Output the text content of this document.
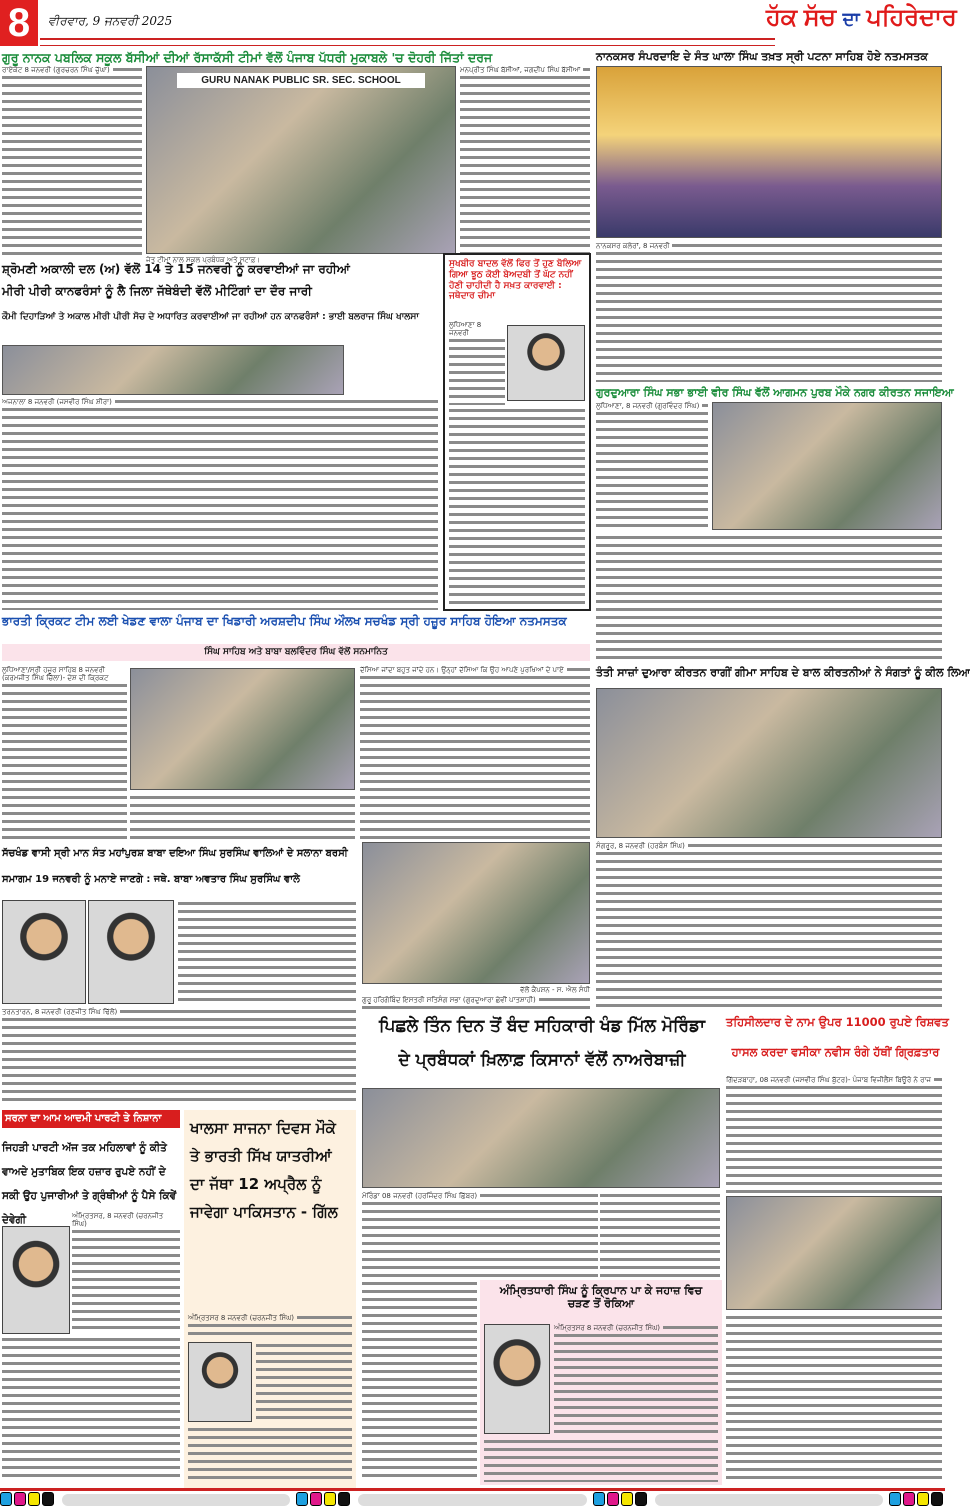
8	ਵੀਰਵਾਰ, 9 ਜਨਵਰੀ 2025	ਹੱਕ ਸੱਚ ਦਾ ਪਹਿਰੇਦਾਰ
ਗੁਰੂ ਨਾਨਕ ਪਬਲਿਕ ਸਕੂਲ ਬੱਸੀਆਂ ਦੀਆਂ ਰੱਸਾਕੱਸੀ ਟੀਮਾਂ ਵੱਲੋਂ ਪੰਜਾਬ ਪੱਧਰੀ ਮੁਕਾਬਲੇ 'ਚ ਦੋਹਰੀ ਜਿੱਤਾਂ ਦਰਜ
ਰਾਏਕੋਟ 8 ਜਨਵਰੀ (ਗੁਰਚਰਨ ਸਿੰਘ ਚੁੱਘਾ)
GURU NANAK PUBLIC SR. SEC. SCHOOL
ਜੇਤੂ ਟੀਮਾਂ ਨਾਲ ਸਕੂਲ ਪ੍ਰਬੰਧਕ ਅਤੇ ਸਟਾਫ਼।
ਮਨਪ੍ਰੀਤ ਸਿੰਘ ਬੱਸੀਆਂ, ਜਗਦੀਪ ਸਿੰਘ ਬੱਸੀਆਂ
ਨਾਨਕਸਰ ਸੰਪਰਦਾਇ ਦੇ ਸੰਤ ਘਾਲਾ ਸਿੰਘ ਤਖ਼ਤ ਸ੍ਰੀ ਪਟਨਾ ਸਾਹਿਬ ਹੋਏ ਨਤਮਸਤਕ
ਨਾਨਕਸਰ ਕਲੇਰਾਂ, 8 ਜਨਵਰੀ
ਗੁਰਦੁਆਰਾ ਸਿੰਘ ਸਭਾ ਭਾਈ ਵੀਰ ਸਿੰਘ ਵੱਲੋਂ ਆਗਮਨ ਪੁਰਬ ਮੌਕੇ ਨਗਰ ਕੀਰਤਨ ਸਜਾਇਆ
ਲੁਧਿਆਣਾ, 8 ਜਨਵਰੀ (ਗੁਰਵਿੰਦਰ ਸਿੰਘ)
ਸ਼੍ਰੋਮਣੀ ਅਕਾਲੀ ਦਲ (ਅ) ਵੱਲੋਂ 14 ਤੇ 15 ਜਨਵਰੀ ਨੂੰ ਕਰਵਾਈਆਂ ਜਾ ਰਹੀਆਂ
ਮੀਰੀ ਪੀਰੀ ਕਾਨਫਰੰਸਾਂ ਨੂੰ ਲੈ ਜਿਲਾ ਜੱਥੇਬੰਦੀ ਵੱਲੋਂ ਮੀਟਿੰਗਾਂ ਦਾ ਦੌਰ ਜਾਰੀ
ਕੌਮੀ ਦਿਹਾੜਿਆਂ ਤੇ ਅਕਾਲ ਮੀਰੀ ਪੀਰੀ ਸੋਚ ਦੇ ਅਧਾਰਿਤ ਕਰਵਾਈਆਂ ਜਾ ਰਹੀਆਂ ਹਨ ਕਾਨਫਰੰਸਾਂ : ਭਾਈ ਬਲਰਾਜ ਸਿੰਘ ਖਾਲਸਾ
ਅਜਨਾਲਾ 8 ਜਨਵਰੀ (ਜਸਵੀਰ ਸਿੰਘ ਸ਼ੀਰਾ)
ਸੁਖਬੀਰ ਬਾਦਲ ਵੱਲੋਂ ਫਿਰ ਤੋਂ ਹੁਣ ਬੋਲਿਆ ਗਿਆ ਝੂਠ ਕੋਈ ਬੇਅਦਬੀ ਤੋਂ ਘੱਟ ਨਹੀਂ ਹੋਣੀ ਚਾਹੀਦੀ ਹੈ ਸਖ਼ਤ ਕਾਰਵਾਈ : ਜਥੇਦਾਰ ਚੀਮਾ
ਲੁਧਿਆਣਾ 8 ਜਨਵਰੀ
ਭਾਰਤੀ ਕ੍ਰਿਕਟ ਟੀਮ ਲਈ ਖੇਡਣ ਵਾਲਾ ਪੰਜਾਬ ਦਾ ਖਿਡਾਰੀ ਅਰਸ਼ਦੀਪ ਸਿੰਘ ਔਲਖ ਸਚਖੰਡ ਸ੍ਰੀ ਹਜ਼ੂਰ ਸਾਹਿਬ ਹੋਇਆ ਨਤਮਸਤਕ
ਸਿੰਘ ਸਾਹਿਬ ਅਤੇ ਬਾਬਾ ਬਲਵਿੰਦਰ ਸਿੰਘ ਵੱਲੋਂ ਸਨਮਾਨਿਤ
ਲੁਧਿਆਣਾ/ਸ੍ਰੀ ਹਜ਼ੂਰ ਸਾਹਿਬ 8 ਜਨਵਰੀ (ਕਰਮਜੀਤ ਸਿੰਘ ਚਿੱਲਾ)- ਦੇਸ਼ ਦੀ ਕ੍ਰਿਕਟ
ਦੱਸਿਆ ਜਾਂਦਾ ਬਹੁਤ ਜਾਂਦੇ ਹਨ। ਉਨ੍ਹਾਂ ਦੱਸਿਆ ਕਿ ਉਹ ਆਪਣੇ ਪੁਰਖਿਆਂ ਦੇ ਪਾਏ	ਤੰਤੀ ਸਾਜ਼ਾਂ ਦੁਆਰਾ ਕੀਰਤਨ ਰਾਗੀਂ ਗੀਮਾ ਸਾਹਿਬ ਦੇ ਬਾਲ ਕੀਰਤਨੀਆਂ ਨੇ ਸੰਗਤਾਂ ਨੂੰ ਕੀਲ ਲਿਆ
ਸੰਗਰੂਰ, 8 ਜਨਵਰੀ (ਹਰਬੰਸ ਸਿੰਘ)
ਸੱਚਖੰਡ ਵਾਸੀ ਸ੍ਰੀ ਮਾਨ ਸੰਤ ਮਹਾਂਪੁਰਸ਼ ਬਾਬਾ ਦਇਆ ਸਿੰਘ ਸੁਰਸਿੰਘ ਵਾਲਿਆਂ ਦੇ ਸਲਾਨਾ ਬਰਸੀ
ਸਮਾਗਮ 19 ਜਨਵਰੀ ਨੂੰ ਮਨਾਏ ਜਾਣਗੇ : ਜਥੇ. ਬਾਬਾ ਅਵਤਾਰ ਸਿੰਘ ਸੁਰਸਿੰਘ ਵਾਲੇ
ਤਰਨਤਾਰਨ, 8 ਜਨਵਰੀ (ਰਣਜੀਤ ਸਿੰਘ ਢਿੱਲੋਂ)
ਵੱਲੋਂ ਕੈਪਸ਼ਨ - ਸ. ਐਲ ਸੰਧੀ
ਗੁਰੂ ਹਰਿਗੋਬਿੰਦ ਇਸਤਰੀ ਸਤਿਸੰਗ ਸਭਾ (ਗੁਰਦੁਆਰਾ ਛੇਵੀਂ ਪਾਤਸ਼ਾਹੀ)
ਪਿਛਲੇ ਤਿੰਨ ਦਿਨ ਤੋਂ ਬੰਦ ਸਹਿਕਾਰੀ ਖੰਡ ਮਿੱਲ ਮੋਰਿੰਡਾ
ਦੇ ਪ੍ਰਬੰਧਕਾਂ ਖ਼ਿਲਾਫ਼ ਕਿਸਾਨਾਂ ਵੱਲੋਂ ਨਾਅਰੇਬਾਜ਼ੀ
ਮੋਰਿੰਡਾ 08 ਜਨਵਰੀ (ਹਰਜਿੰਦਰ ਸਿੰਘ ਛਿੱਬਰ)
ਅੰਮ੍ਰਿਤਧਾਰੀ ਸਿੰਘ ਨੂੰ ਕ੍ਰਿਪਾਨ ਪਾ ਕੇ ਜਹਾਜ਼ ਵਿਚ ਚੜਣ ਤੋਂ ਰੋਕਿਆ
ਅੰਮ੍ਰਿਤਸਰ 8 ਜਨਵਰੀ (ਚਰਨਜੀਤ ਸਿੰਘ)
ਤਹਿਸੀਲਦਾਰ ਦੇ ਨਾਮ ਉਪਰ 11000 ਰੁਪਏ ਰਿਸ਼ਵਤ
ਹਾਸਲ ਕਰਦਾ ਵਸੀਕਾ ਨਵੀਸ ਰੰਗੇ ਹੱਥੀਂ ਗ੍ਰਿਫ਼ਤਾਰ
ਗਿੱਦੜਬਾਹਾ, 08 ਜਨਵਰੀ (ਜਸਵੀਰ ਸਿੰਘ ਬੁੱਟਰ)- ਪੰਜਾਬ ਵਿਜੀਲੈਂਸ ਬਿਊਰੋ ਨੇ ਰਾਜ
ਸਰਨਾ ਦਾ ਆਮ ਆਦਮੀ ਪਾਰਟੀ ਤੇ ਨਿਸ਼ਾਨਾ
ਜਿਹੜੀ ਪਾਰਟੀ ਅੱਜ ਤਕ ਮਹਿਲਾਵਾਂ ਨੂੰ ਕੀਤੇ ਵਾਅਦੇ ਮੁਤਾਬਿਕ ਇਕ ਹਜ਼ਾਰ ਰੁਪਏ ਨਹੀਂ ਦੇ ਸਕੀ ਉਹ ਪੁਜਾਰੀਆਂ ਤੇ ਗ੍ਰੰਥੀਆਂ ਨੂੰ ਪੈਸੇ ਕਿਵੇਂ ਦੇਵੇਗੀ	ਅੰਮ੍ਰਿਤਸਰ, 8 ਜਨਵਰੀ (ਚਰਨਜੀਤ ਸਿੰਘ)
ਖਾਲਸਾ ਸਾਜਨਾ ਦਿਵਸ ਮੌਕੇ ਤੇ ਭਾਰਤੀ ਸਿੱਖ ਯਾਤਰੀਆਂ ਦਾ ਜੱਥਾ 12 ਅਪ੍ਰੈਲ ਨੂੰ ਜਾਵੇਗਾ ਪਾਕਿਸਤਾਨ - ਗਿੱਲ
ਅੰਮ੍ਰਿਤਸਰ 8 ਜਨਵਰੀ (ਚਰਨਜੀਤ ਸਿੰਘ)
